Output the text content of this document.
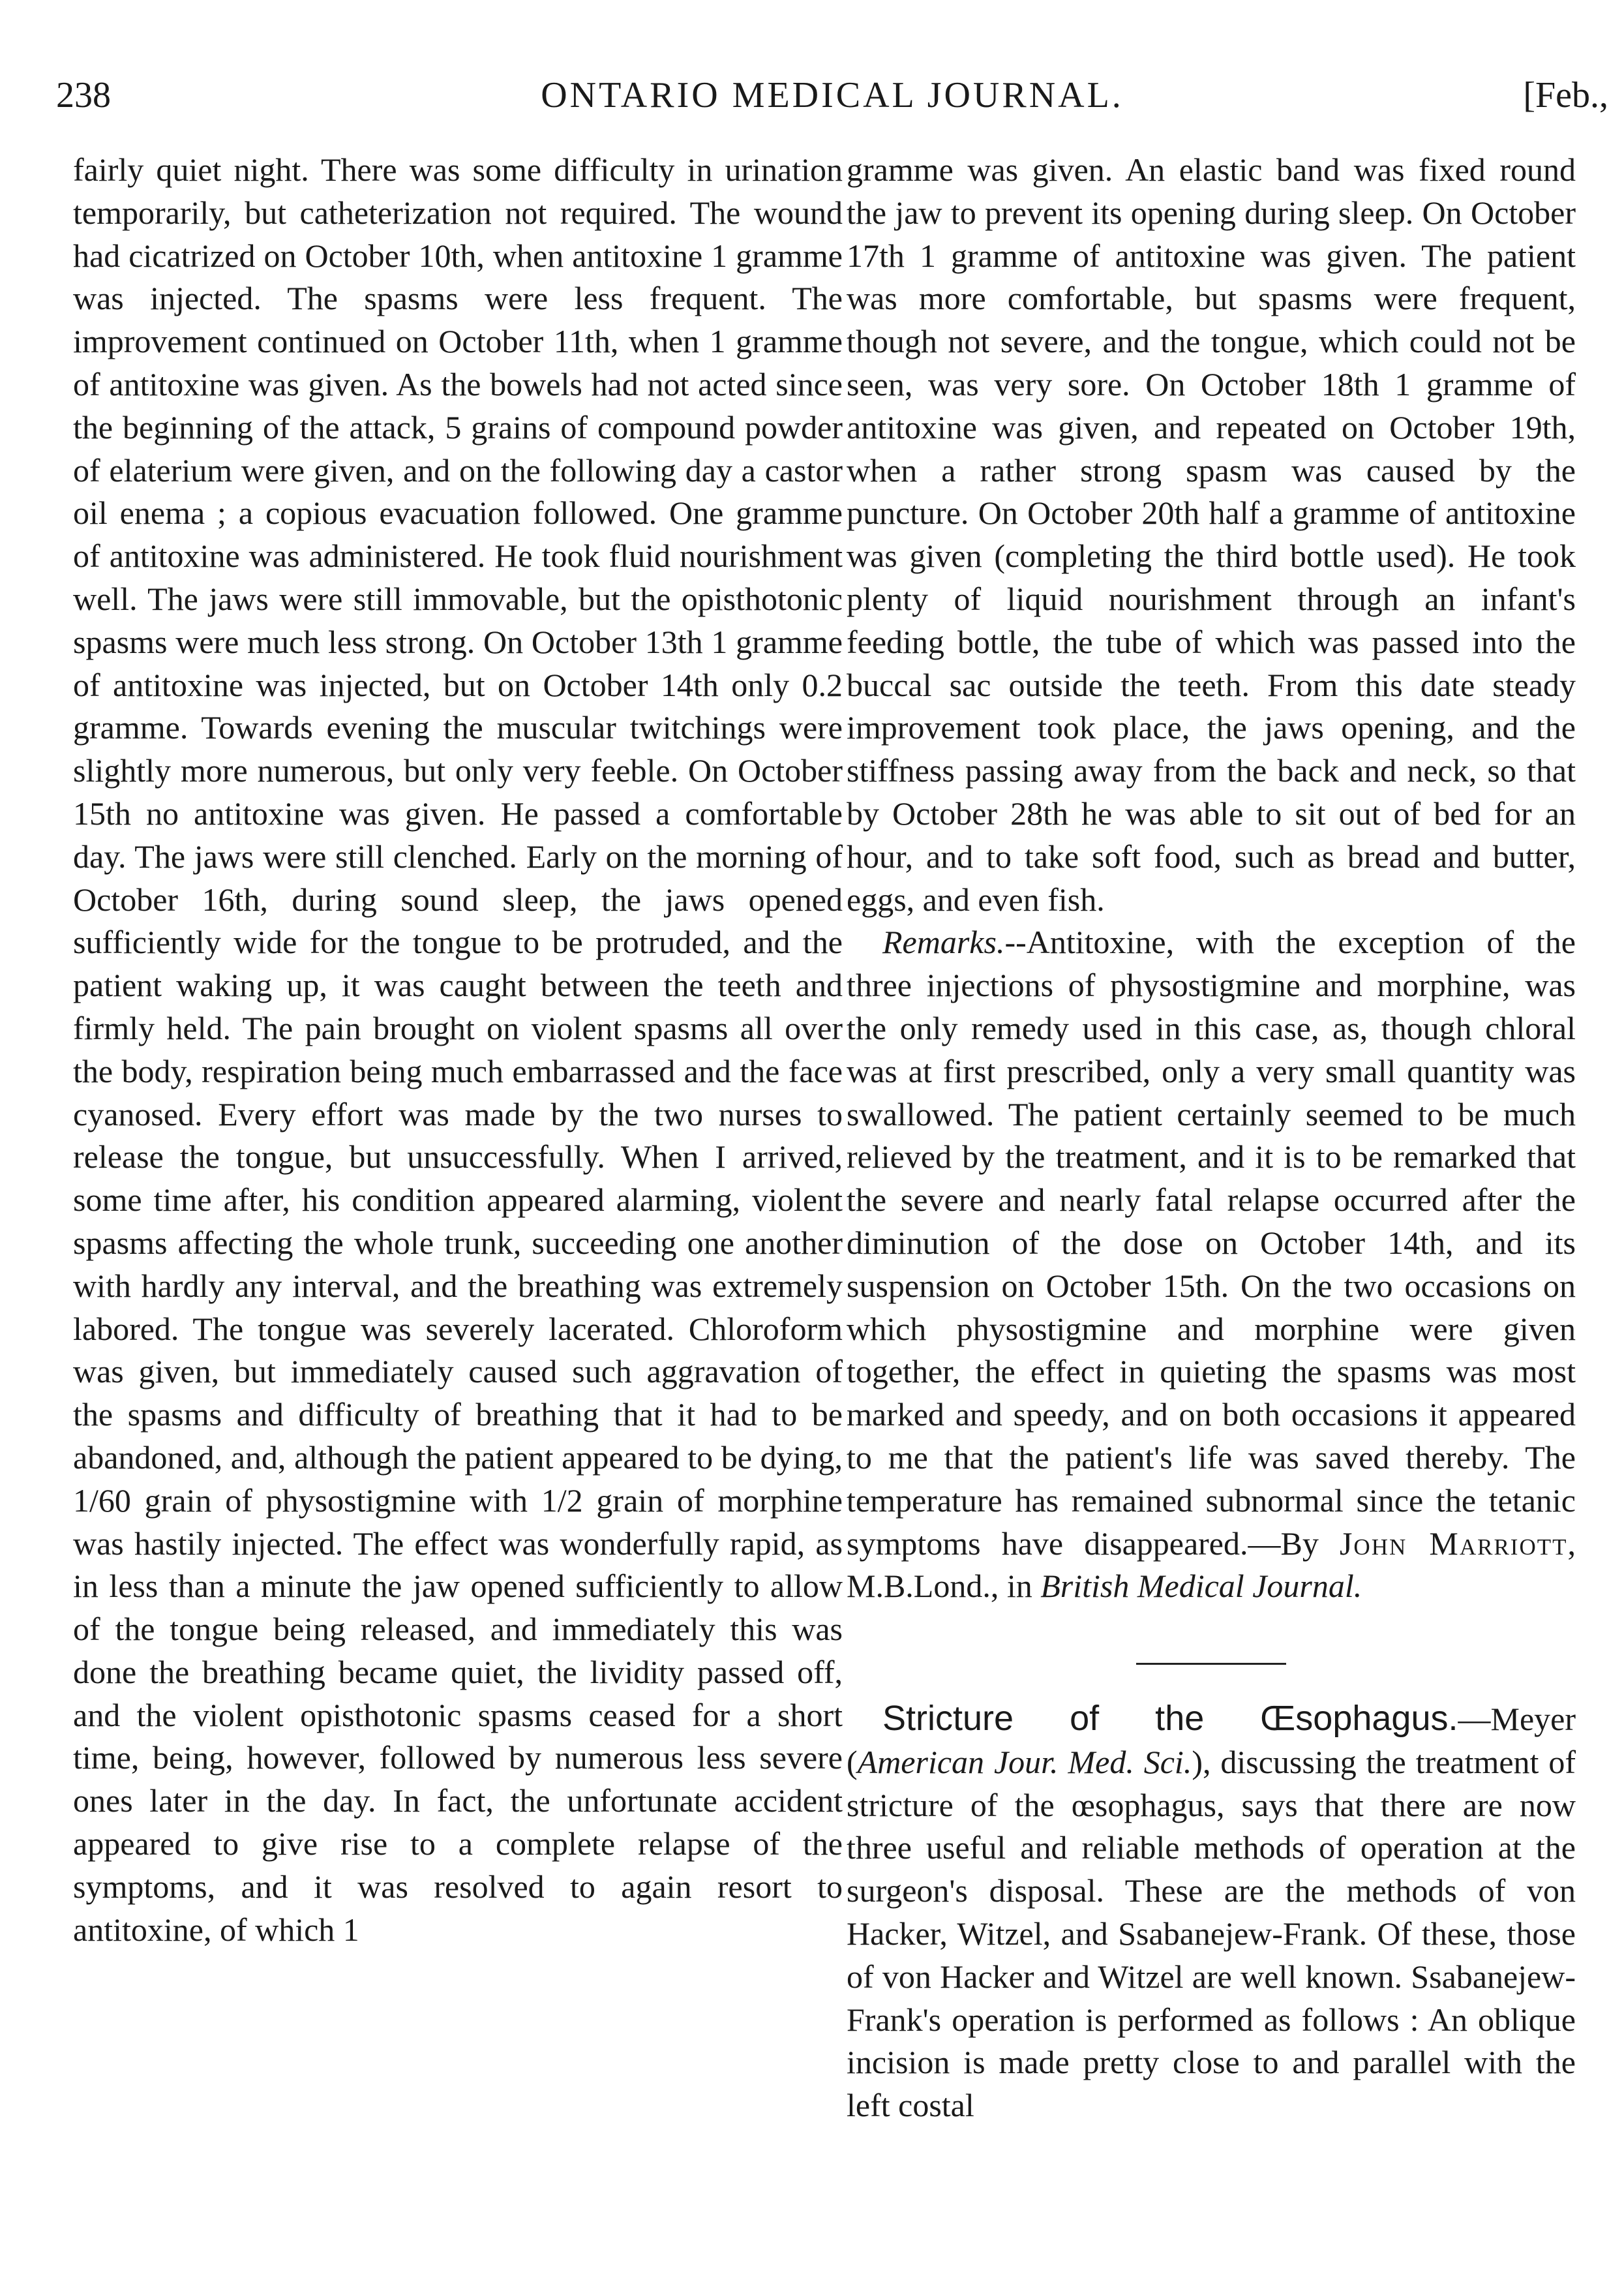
238	ONTARIO MEDICAL JOURNAL.	[Feb.,

fairly quiet night. There was some difficulty in urination temporarily, but catheterization not required. The wound had cicatrized on October 10th, when antitoxine 1 gramme was injected. The spasms were less frequent. The improvement continued on October 11th, when 1 gramme of antitoxine was given. As the bowels had not acted since the beginning of the attack, 5 grains of compound powder of elaterium were given, and on the following day a castor oil enema ; a copious evacuation followed. One gramme of antitoxine was administered. He took fluid nourishment well. The jaws were still immovable, but the opisthotonic spasms were much less strong. On October 13th 1 gramme of antitoxine was injected, but on October 14th only 0.2 gramme. Towards evening the muscular twitchings were slightly more numerous, but only very feeble. On October 15th no antitoxine was given. He passed a comfortable day. The jaws were still clenched. Early on the morning of October 16th, during sound sleep, the jaws opened sufficiently wide for the tongue to be protruded, and the patient waking up, it was caught between the teeth and firmly held. The pain brought on violent spasms all over the body, respiration being much embarrassed and the face cyanosed. Every effort was made by the two nurses to release the tongue, but unsuccessfully. When I arrived, some time after, his condition appeared alarming, violent spasms affecting the whole trunk, succeeding one another with hardly any interval, and the breathing was extremely labored. The tongue was severely lacerated. Chloroform was given, but immediately caused such aggravation of the spasms and difficulty of breathing that it had to be abandoned, and, although the patient appeared to be dying, 1/60 grain of physostigmine with 1/2 grain of morphine was hastily injected. The effect was wonderfully rapid, as in less than a minute the jaw opened sufficiently to allow of the tongue being released, and immediately this was done the breathing became quiet, the lividity passed off, and the violent opisthotonic spasms ceased for a short time, being, however, followed by numerous less severe ones later in the day. In fact, the unfortunate accident appeared to give rise to a complete relapse of the symptoms, and it was resolved to again resort to antitoxine, of which 1

gramme was given. An elastic band was fixed round the jaw to prevent its opening during sleep. On October 17th 1 gramme of antitoxine was given. The patient was more comfortable, but spasms were frequent, though not severe, and the tongue, which could not be seen, was very sore. On October 18th 1 gramme of antitoxine was given, and repeated on October 19th, when a rather strong spasm was caused by the puncture. On October 20th half a gramme of antitoxine was given (completing the third bottle used). He took plenty of liquid nourishment through an infant's feeding bottle, the tube of which was passed into the buccal sac outside the teeth. From this date steady improvement took place, the jaws opening, and the stiffness passing away from the back and neck, so that by October 28th he was able to sit out of bed for an hour, and to take soft food, such as bread and butter, eggs, and even fish.

Remarks.--Antitoxine, with the exception of the three injections of physostigmine and morphine, was the only remedy used in this case, as, though chloral was at first prescribed, only a very small quantity was swallowed. The patient certainly seemed to be much relieved by the treatment, and it is to be remarked that the severe and nearly fatal relapse occurred after the diminution of the dose on October 14th, and its suspension on October 15th. On the two occasions on which physostigmine and morphine were given together, the effect in quieting the spasms was most marked and speedy, and on both occasions it appeared to me that the patient's life was saved thereby. The temperature has remained subnormal since the tetanic symptoms have disappeared.—By John Marriott, M.B.Lond., in British Medical Journal.

Stricture of the Œsophagus.—Meyer (American Jour. Med. Sci.), discussing the treatment of stricture of the œsophagus, says that there are now three useful and reliable methods of operation at the surgeon's disposal. These are the methods of von Hacker, Witzel, and Ssabanejew-Frank. Of these, those of von Hacker and Witzel are well known. Ssabanejew-Frank's operation is performed as follows : An oblique incision is made pretty close to and parallel with the left costal
